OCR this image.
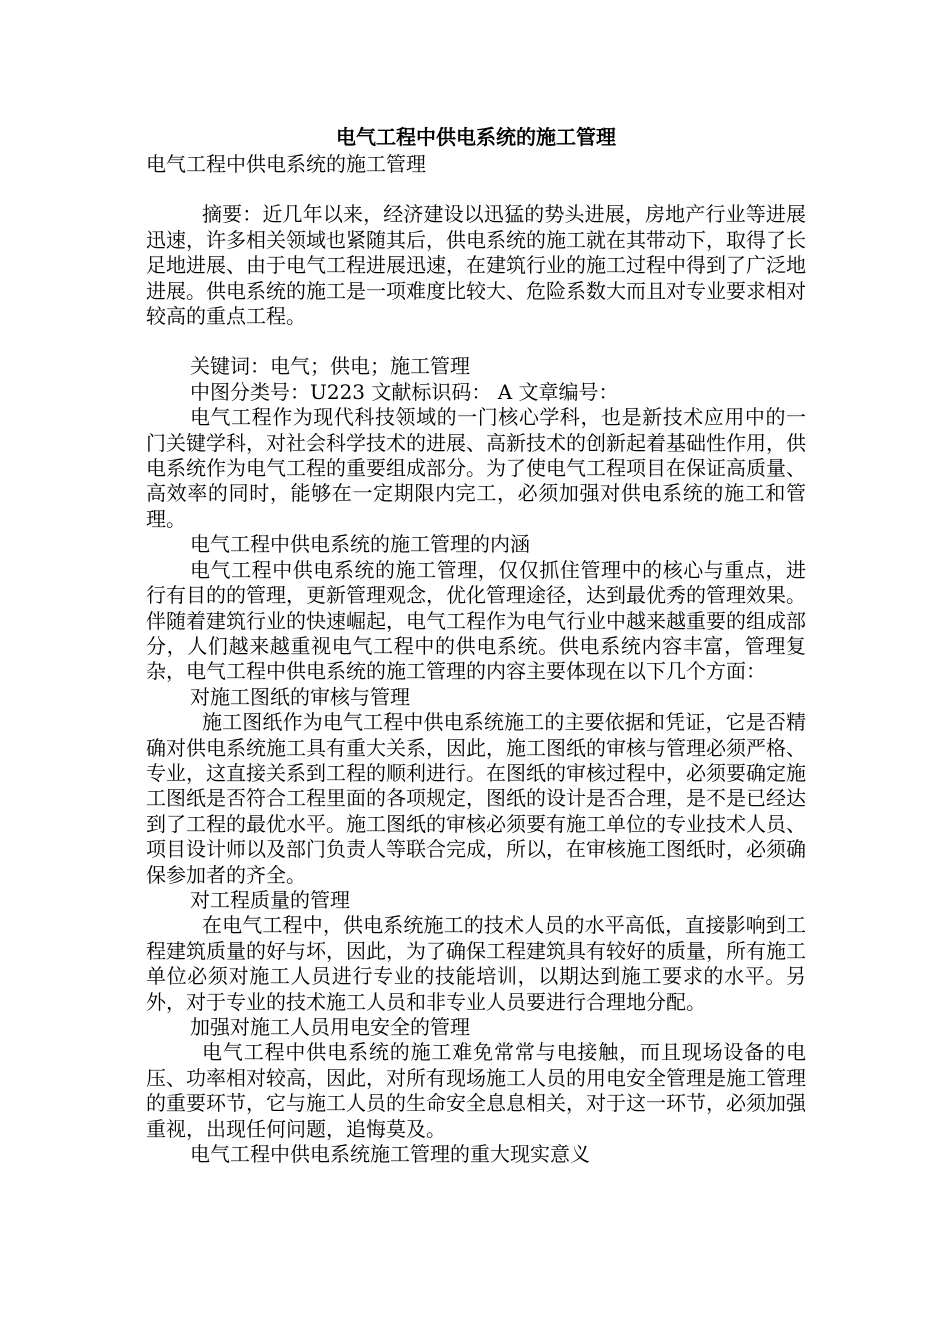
电气工程中供电系统的施工管理

电气工程中供电系统的施工管理

摘要：近几年以来，经济建设以迅猛的势头进展，房地产行业等进展迅速，许多相关领域也紧随其后，供电系统的施工就在其带动下，取得了长足地进展、由于电气工程进展迅速，在建筑行业的施工过程中得到了广泛地进展。供电系统的施工是一项难度比较大、危险系数大而且对专业要求相对较高的重点工程。

关键词：电气；供电；施工管理

中图分类号：U223 文献标识码： A 文章编号：

电气工程作为现代科技领域的一门核心学科，也是新技术应用中的一门关键学科，对社会科学技术的进展、高新技术的创新起着基础性作用，供电系统作为电气工程的重要组成部分。为了使电气工程项目在保证高质量、高效率的同时，能够在一定期限内完工，必须加强对供电系统的施工和管理。

电气工程中供电系统的施工管理的内涵

电气工程中供电系统的施工管理，仅仅抓住管理中的核心与重点，进行有目的的管理，更新管理观念，优化管理途径，达到最优秀的管理效果。伴随着建筑行业的快速崛起，电气工程作为电气行业中越来越重要的组成部分，人们越来越重视电气工程中的供电系统。供电系统内容丰富，管理复杂，电气工程中供电系统的施工管理的内容主要体现在以下几个方面：

对施工图纸的审核与管理

施工图纸作为电气工程中供电系统施工的主要依据和凭证，它是否精确对供电系统施工具有重大关系，因此，施工图纸的审核与管理必须严格、专业，这直接关系到工程的顺利进行。在图纸的审核过程中，必须要确定施工图纸是否符合工程里面的各项规定，图纸的设计是否合理，是不是已经达到了工程的最优水平。施工图纸的审核必须要有施工单位的专业技术人员、项目设计师以及部门负责人等联合完成，所以，在审核施工图纸时，必须确保参加者的齐全。

对工程质量的管理

在电气工程中，供电系统施工的技术人员的水平高低，直接影响到工程建筑质量的好与坏，因此，为了确保工程建筑具有较好的质量，所有施工单位必须对施工人员进行专业的技能培训，以期达到施工要求的水平。另外，对于专业的技术施工人员和非专业人员要进行合理地分配。

加强对施工人员用电安全的管理

电气工程中供电系统的施工难免常常与电接触，而且现场设备的电压、功率相对较高，因此，对所有现场施工人员的用电安全管理是施工管理的重要环节，它与施工人员的生命安全息息相关，对于这一环节，必须加强重视，出现任何问题，追悔莫及。

电气工程中供电系统施工管理的重大现实意义
